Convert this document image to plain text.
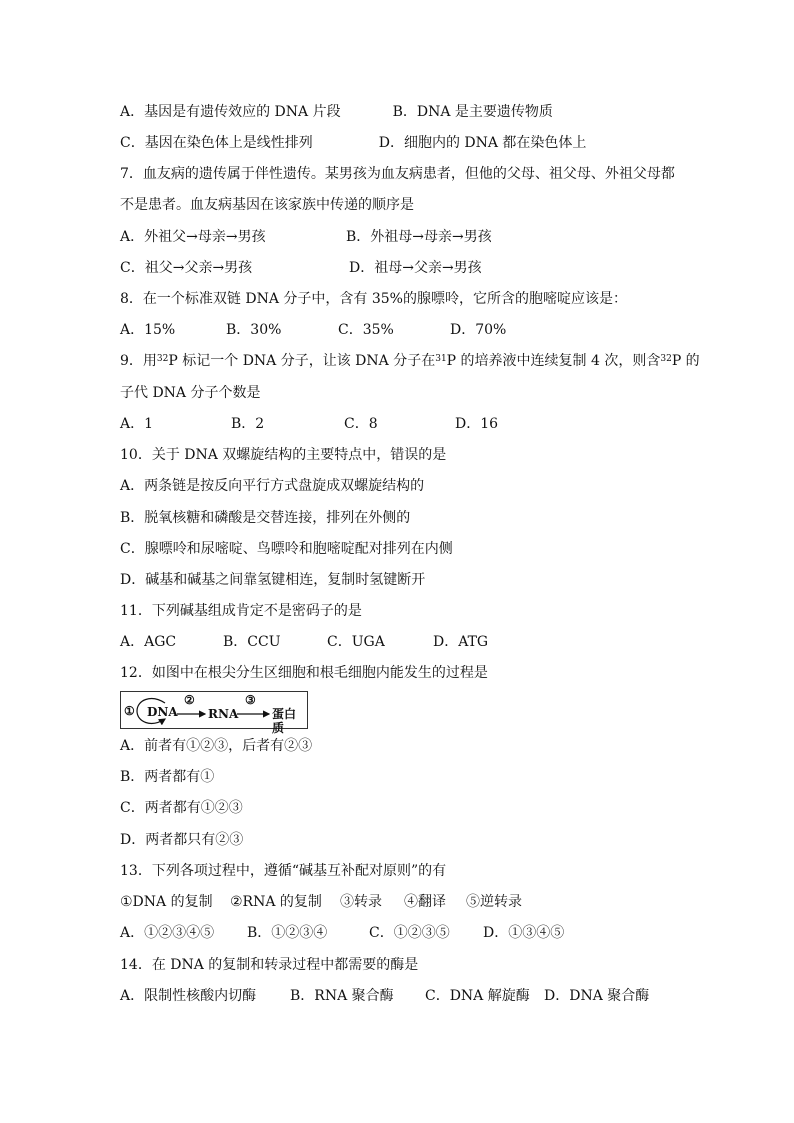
A．基因是有遗传效应的 DNA 片段	B．DNA 是主要遗传物质
C．基因在染色体上是线性排列	D．细胞内的 DNA 都在染色体上
7．血友病的遗传属于伴性遗传。某男孩为血友病患者，但他的父母、祖父母、外祖父母都
不是患者。血友病基因在该家族中传递的顺序是
A．外祖父→母亲→男孩	B．外祖母→母亲→男孩
C．祖父→父亲→男孩	D．祖母→父亲→男孩
8．在一个标准双链 DNA 分子中，含有 35%的腺嘌呤，它所含的胞嘧啶应该是：
A．15%	B．30%	C．35%	D．70%
9．用$^{32}$P 标记一个 DNA 分子，让该 DNA 分子在$^{31}$P 的培养液中连续复制 4 次，则含$^{32}$P 的
子代 DNA 分子个数是
A．1	B．2	C．8	D．16
10．关于 DNA 双螺旋结构的主要特点中，错误的是
A．两条链是按反向平行方式盘旋成双螺旋结构的
B．脱氧核糖和磷酸是交替连接，排列在外侧的
C．腺嘌呤和尿嘧啶、鸟嘌呤和胞嘧啶配对排列在内侧
D．碱基和碱基之间靠氢键相连，复制时氢键断开
11．下列碱基组成肯定不是密码子的是
A．AGC	B．CCU	C．UGA	D．ATG
12．如图中在根尖分生区细胞和根毛细胞内能发生的过程是
① DNA
②
RNA
③
蛋白质
A．前者有①②③，后者有②③
B．两者都有①
C．两者都有①②③
D．两者都只有②③
13．下列各项过程中，遵循“碱基互补配对原则”的有
①DNA 的复制 ②RNA 的复制 ③转录 ④翻译 ⑤逆转录
A．①②③④⑤ B．①②③④	C．①②③⑤ D．①③④⑤
14．在 DNA 的复制和转录过程中都需要的酶是
A．限制性核酸内切酶 B．RNA 聚合酶 C．DNA 解旋酶 D．DNA 聚合酶
